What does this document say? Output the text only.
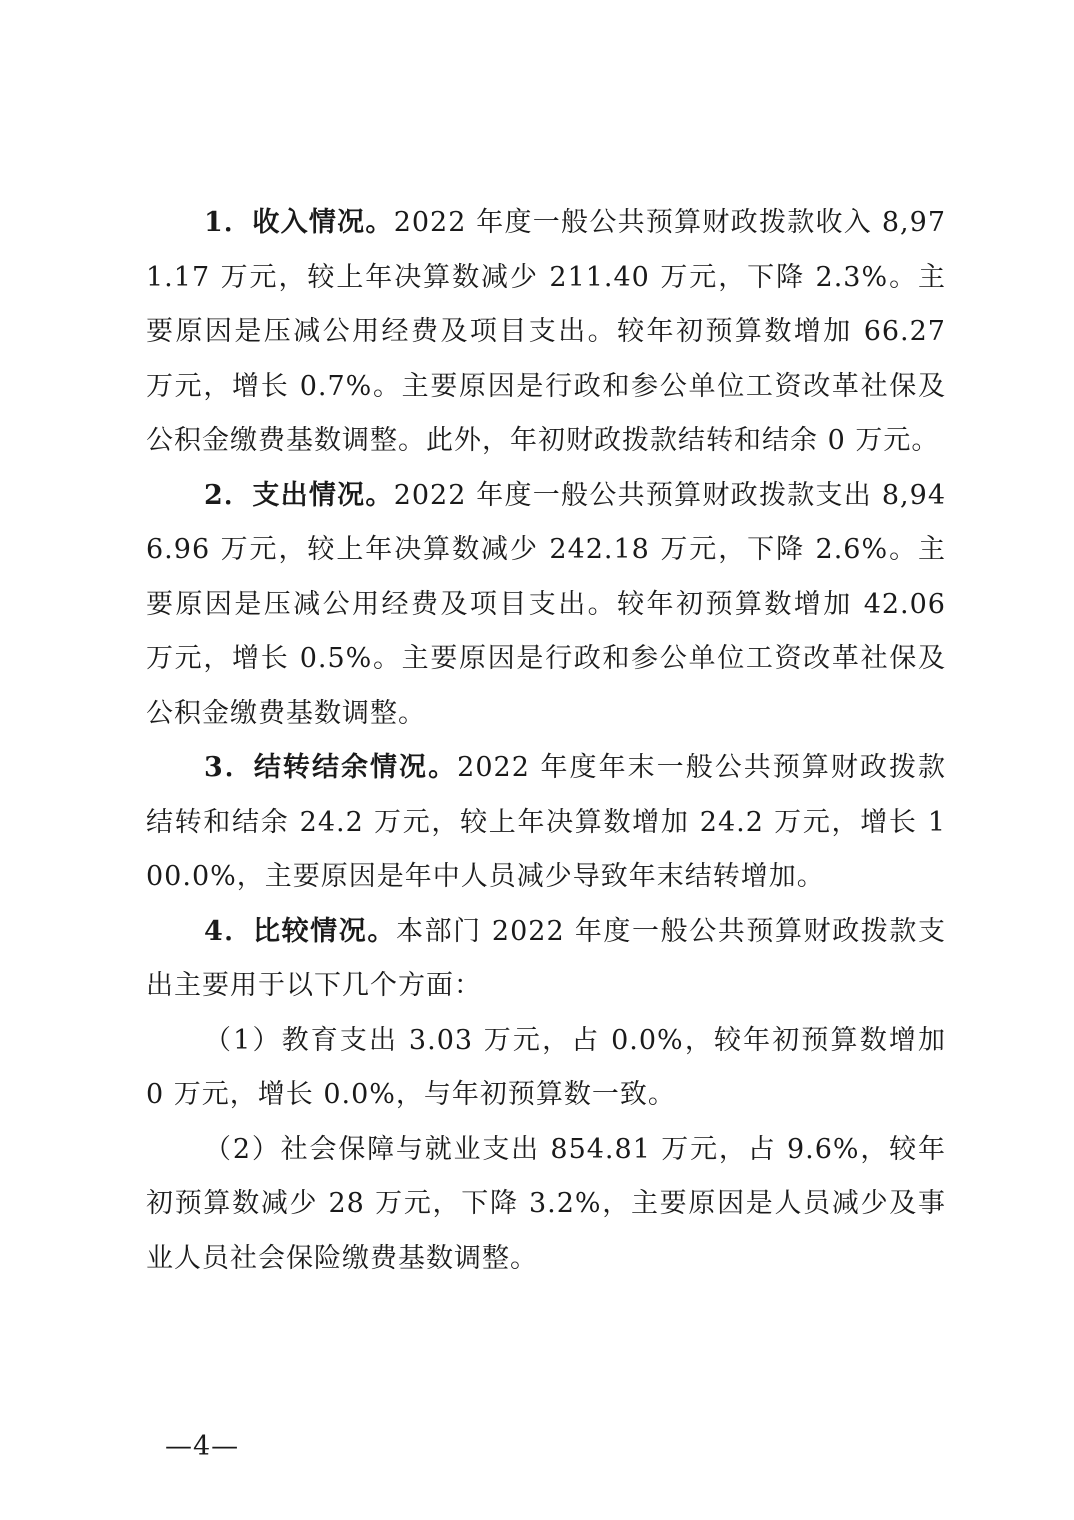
1．收入情况。2022 年度一般公共预算财政拨款收入 8,971.17 万元，较上年决算数减少 211.40 万元，下降 2.3%。主要原因是压减公用经费及项目支出。较年初预算数增加 66.27 万元，增长 0.7%。主要原因是行政和参公单位工资改革社保及公积金缴费基数调整。此外，年初财政拨款结转和结余 0 万元。

2．支出情况。2022 年度一般公共预算财政拨款支出 8,946.96 万元，较上年决算数减少 242.18 万元，下降 2.6%。主要原因是压减公用经费及项目支出。较年初预算数增加 42.06 万元，增长 0.5%。主要原因是行政和参公单位工资改革社保及公积金缴费基数调整。

3．结转结余情况。2022 年度年末一般公共预算财政拨款结转和结余 24.2 万元，较上年决算数增加 24.2 万元，增长 100.0%，主要原因是年中人员减少导致年末结转增加。

4．比较情况。本部门 2022 年度一般公共预算财政拨款支出主要用于以下几个方面：

（1）教育支出 3.03 万元，占 0.0%，较年初预算数增加 0 万元，增长 0.0%，与年初预算数一致。

（2）社会保障与就业支出 854.81 万元，占 9.6%，较年初预算数减少 28 万元，下降 3.2%，主要原因是人员减少及事业人员社会保险缴费基数调整。

—4—
